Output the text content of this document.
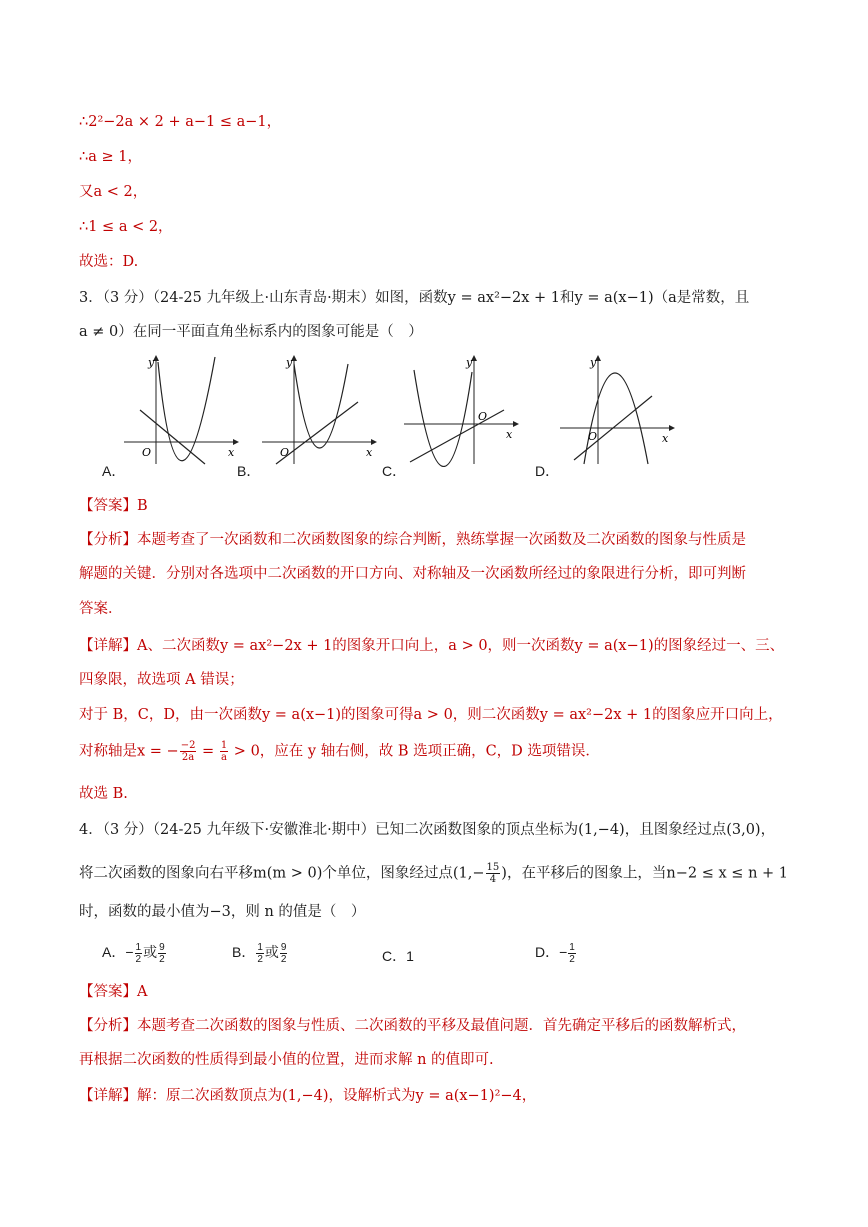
∴2²−2a × 2 + a−1 ≤ a−1，
∴a ≥ 1，
又a < 2，
∴1 ≤ a < 2，
故选：D.
3．（3 分）（24-25 九年级上·山东青岛·期末）如图，函数y = ax²−2x + 1和y = a(x−1)（a是常数，且
a ≠ 0）在同一平面直角坐标系内的图象可能是（　）
O
y
x
A．
O
y
x
B．
O
y
x
C．
O
y
x
D．
【答案】B
【分析】本题考查了一次函数和二次函数图象的综合判断，熟练掌握一次函数及二次函数的图象与性质是
解题的关键．分别对各选项中二次函数的开口方向、对称轴及一次函数所经过的象限进行分析，即可判断
答案．
【详解】A、二次函数y = ax²−2x + 1的图象开口向上，a > 0，则一次函数y = a(x−1)的图象经过一、三、
四象限，故选项 A 错误；
对于 B，C，D，由一次函数y = a(x−1)的图象可得a > 0，则二次函数y = ax²−2x + 1的图象应开口向上，
对称轴是x = − $\frac{-2}{2a} = \frac{1}{a} > 0$，应在 y 轴右侧，故 B 选项正确，C，D 选项错误．
故选 B.
4．（3 分）（24-25 九年级下·安徽淮北·期中）已知二次函数图象的顶点坐标为(1,−4)，且图象经过点(3,0)，
将二次函数的图象向右平移m(m > 0)个单位，图象经过点($1,- \frac{15}{4}$ )，在平移后的图象上，当n−2 ≤ x ≤ n + 1
时，函数的最小值为−3，则 n 的值是（　）
A．− $\frac{1}{2}$ 或 $\frac{9}{2}$	B． $\frac{1}{2}$ 或 $\frac{9}{2}$	C．1	D．− $\frac{1}{2}$
【答案】A
【分析】本题考查二次函数的图象与性质、二次函数的平移及最值问题．首先确定平移后的函数解析式，
再根据二次函数的性质得到最小值的位置，进而求解 n 的值即可.
【详解】解：原二次函数顶点为(1,−4)，设解析式为y = a(x−1)²−4，
